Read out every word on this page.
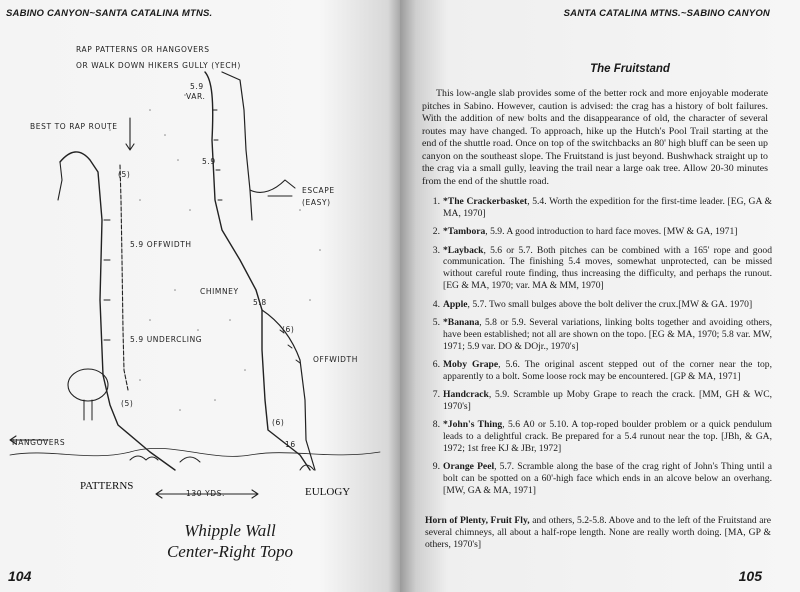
SABINO CANYON~SANTA CATALINA MTNS.
RAP PATTERNS OR HANGOVERS
OR WALK DOWN HIKERS GULLY (YECH)
BEST TO RAP ROUTE
5.9
VAR.
5.9
ESCAPE
(EASY)
(5)
5.9 OFFWIDTH
CHIMNEY
5.8
(6)
5.9 UNDERCLING
OFFWIDTH
(5)
(6)
16
HANGOVERS
PATTERNS
130 YDS.	EULOGY
Whipple Wall
Center-Right Topo
104
SANTA CATALINA MTNS.~SABINO CANYON
The Fruitstand
105

This low-angle slab provides some of the better rock and more enjoyable moderate pitches in Sabino. However, caution is advised: the crag has a history of bolt failures. With the addition of new bolts and the disappearance of old, the character of several routes may have changed. To approach, hike up the Hutch's Pool Trail starting at the end of the shuttle road. Once on top of the switchbacks an 80' high bluff can be seen up canyon on the southeast slope. The Fruitstand is just beyond. Bushwhack straight up to the crag via a small gully, leaving the trail near a large oak tree. Allow 20-30 minutes from the end of the shuttle road.

1. *The Crackerbasket, 5.4. Worth the expedition for the first-time leader. [EG, GA & MA, 1970]
2. *Tambora, 5.9. A good introduction to hard face moves. [MW & GA, 1971]
3. *Layback, 5.6 or 5.7. Both pitches can be combined with a 165' rope and good communication. The finishing 5.4 moves, somewhat unprotected, can be missed without careful route finding, thus increasing the difficulty, and perhaps the runout. [EG & MA, 1970; var. MA & MM, 1970]
4. Apple, 5.7. Two small bulges above the bolt deliver the crux.[MW & GA. 1970]
5. *Banana, 5.8 or 5.9. Several variations, linking bolts together and avoiding others, have been established; not all are shown on the topo. [EG & MA, 1970; 5.8 var. MW, 1971; 5.9 var. DO & DOjr., 1970's]
6. Moby Grape, 5.6. The original ascent stepped out of the corner near the top, apparently to a bolt. Some loose rock may be encountered. [GP & MA, 1971]
7. Handcrack, 5.9. Scramble up Moby Grape to reach the crack. [MM, GH & WC, 1970's]
8. *John's Thing, 5.6 A0 or 5.10. A top-roped boulder problem or a quick pendulum leads to a delightful crack. Be prepared for a 5.4 runout near the top. [JBh, & GA, 1972; 1st free KJ & JBr, 1972]
9. Orange Peel, 5.7. Scramble along the base of the crag right of John's Thing until a bolt can be spotted on a 60'-high face which ends in an alcove below an overhang. [MW, GA & MA, 1971]

Horn of Plenty, Fruit Fly, and others, 5.2-5.8. Above and to the left of the Fruitstand are several chimneys, all about a half-rope length. None are really worth doing. [MA, GP & others, 1970's]
